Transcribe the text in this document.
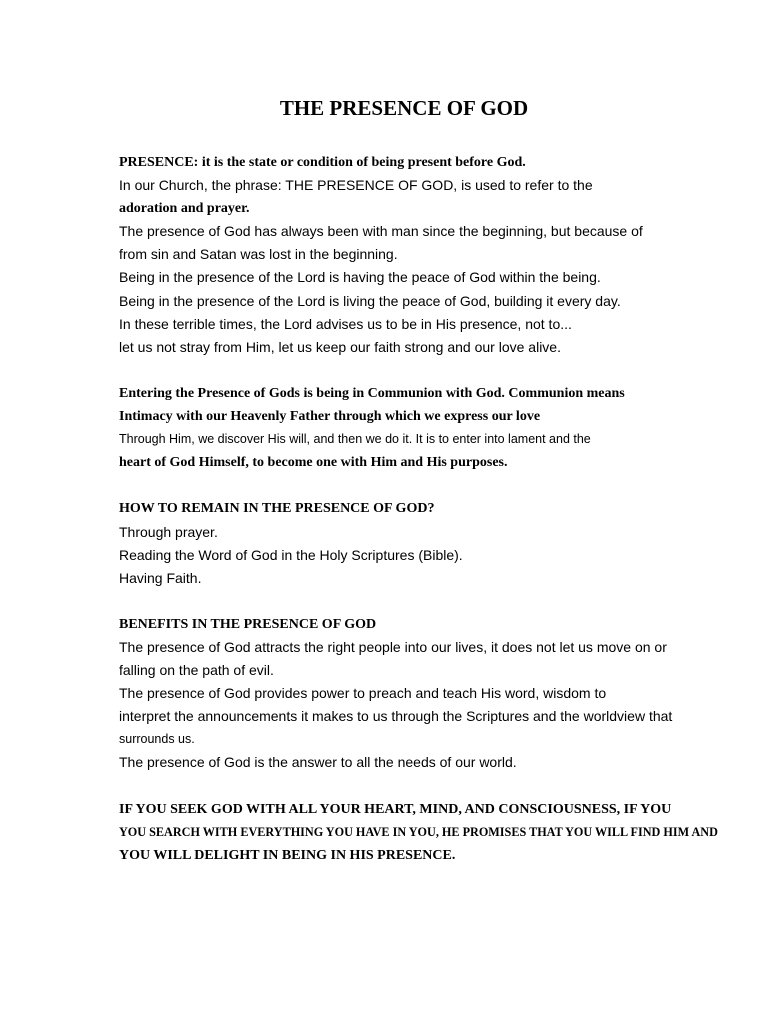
THE PRESENCE OF GOD

PRESENCE: it is the state or condition of being present before God.

In our Church, the phrase: THE PRESENCE OF GOD, is used to refer to the

adoration and prayer.

The presence of God has always been with man since the beginning, but because of

from sin and Satan was lost in the beginning.

Being in the presence of the Lord is having the peace of God within the being.

Being in the presence of the Lord is living the peace of God, building it every day.

In these terrible times, the Lord advises us to be in His presence, not to...

let us not stray from Him, let us keep our faith strong and our love alive.

Entering the Presence of Gods is being in Communion with God. Communion means

Intimacy with our Heavenly Father through which we express our love

Through Him, we discover His will, and then we do it. It is to enter into lament and the

heart of God Himself, to become one with Him and His purposes.

HOW TO REMAIN IN THE PRESENCE OF GOD?

Through prayer.

Reading the Word of God in the Holy Scriptures (Bible).

Having Faith.

BENEFITS IN THE PRESENCE OF GOD

The presence of God attracts the right people into our lives, it does not let us move on or

falling on the path of evil.

The presence of God provides power to preach and teach His word, wisdom to

interpret the announcements it makes to us through the Scriptures and the worldview that

surrounds us.

The presence of God is the answer to all the needs of our world.

IF YOU SEEK GOD WITH ALL YOUR HEART, MIND, AND CONSCIOUSNESS, IF YOU

YOU SEARCH WITH EVERYTHING YOU HAVE IN YOU, HE PROMISES THAT YOU WILL FIND HIM AND

YOU WILL DELIGHT IN BEING IN HIS PRESENCE.
